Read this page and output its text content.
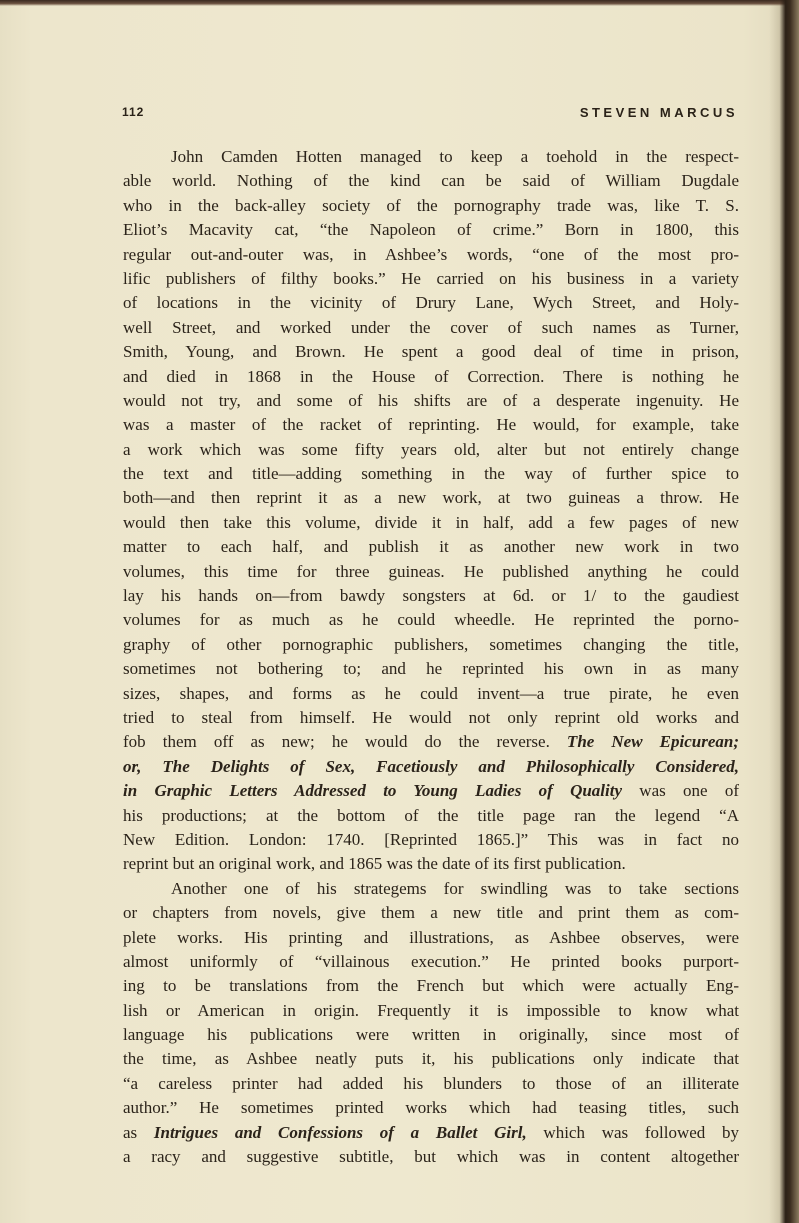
112	STEVEN MARCUS
John Camden Hotten managed to keep a toehold in the respect-
able world. Nothing of the kind can be said of William Dugdale
who in the back-alley society of the pornography trade was, like T. S.
Eliot’s Macavity cat, “the Napoleon of crime.” Born in 1800, this
regular out-and-outer was, in Ashbee’s words, “one of the most pro-
lific publishers of filthy books.” He carried on his business in a variety
of locations in the vicinity of Drury Lane, Wych Street, and Holy-
well Street, and worked under the cover of such names as Turner,
Smith, Young, and Brown. He spent a good deal of time in prison,
and died in 1868 in the House of Correction. There is nothing he
would not try, and some of his shifts are of a desperate ingenuity. He
was a master of the racket of reprinting. He would, for example, take
a work which was some fifty years old, alter but not entirely change
the text and title—adding something in the way of further spice to
both—and then reprint it as a new work, at two guineas a throw. He
would then take this volume, divide it in half, add a few pages of new
matter to each half, and publish it as another new work in two
volumes, this time for three guineas. He published anything he could
lay his hands on—from bawdy songsters at 6d. or 1/ to the gaudiest
volumes for as much as he could wheedle. He reprinted the porno-
graphy of other pornographic publishers, sometimes changing the title,
sometimes not bothering to; and he reprinted his own in as many
sizes, shapes, and forms as he could invent—a true pirate, he even
tried to steal from himself. He would not only reprint old works and
fob them off as new; he would do the reverse. The New Epicurean;
or, The Delights of Sex, Facetiously and Philosophically Considered,
in Graphic Letters Addressed to Young Ladies of Quality was one of
his productions; at the bottom of the title page ran the legend “A
New Edition. London: 1740. [Reprinted 1865.]” This was in fact no
reprint but an original work, and 1865 was the date of its first publication.
Another one of his strategems for swindling was to take sections
or chapters from novels, give them a new title and print them as com-
plete works. His printing and illustrations, as Ashbee observes, were
almost uniformly of “villainous execution.” He printed books purport-
ing to be translations from the French but which were actually Eng-
lish or American in origin. Frequently it is impossible to know what
language his publications were written in originally, since most of
the time, as Ashbee neatly puts it, his publications only indicate that
“a careless printer had added his blunders to those of an illiterate
author.” He sometimes printed works which had teasing titles, such
as Intrigues and Confessions of a Ballet Girl, which was followed by
a racy and suggestive subtitle, but which was in content altogether
